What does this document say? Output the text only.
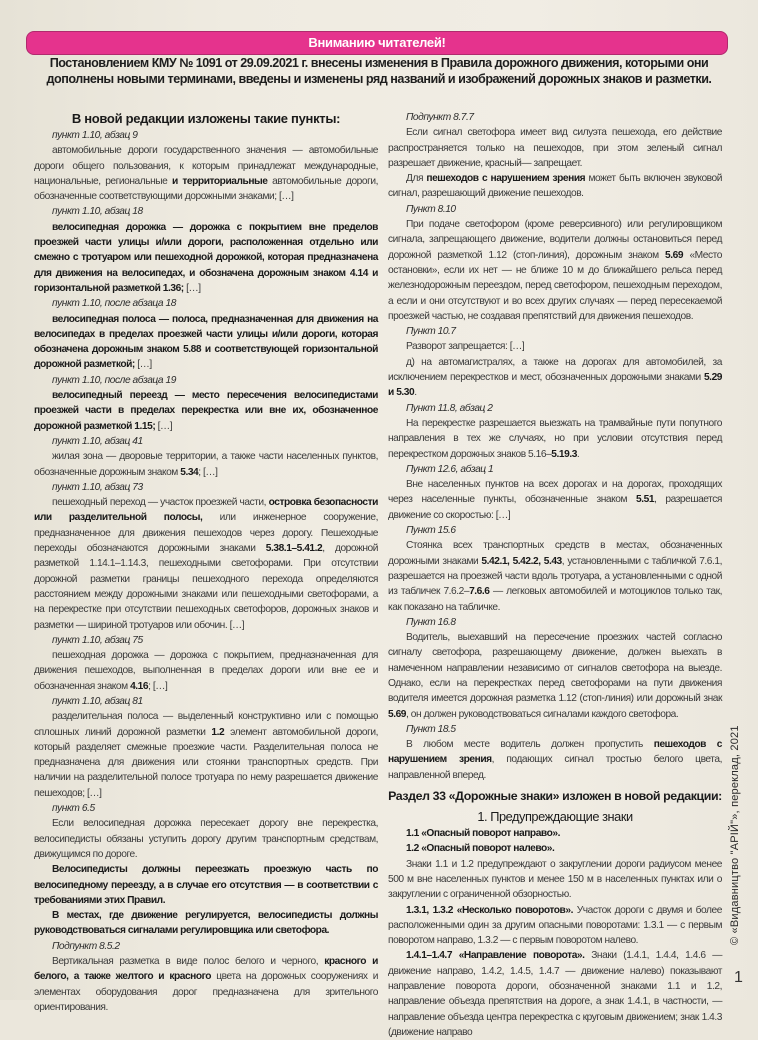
Вниманию читателей!
Постановлением КМУ № 1091 от 29.09.2021 г. внесены изменения в Правила дорожного движения, которыми они дополнены новыми терминами, введены и изменены ряд названий и изображений дорожных знаков и разметки.
В новой редакции изложены такие пункты:
пункт 1.10, абзац 9
автомобильные дороги государственного значения — автомобильные дороги общего пользования, к которым принадлежат международные, национальные, региональные и территориальные автомобильные дороги, обозначенные соответствующими дорожными знаками; […]
пункт 1.10, абзац 18
велосипедная дорожка — дорожка с покрытием вне пределов проезжей части улицы и/или дороги, расположенная отдельно или смежно с тротуаром или пешеходной дорожкой, которая предназначена для движения на велосипедах, и обозначена дорожным знаком 4.14 и горизонтальной разметкой 1.36; […]
пункт 1.10, после абзаца 18
велосипедная полоса — полоса, предназначенная для движения на велосипедах в пределах проезжей части улицы и/или дороги, которая обозначена дорожным знаком 5.88 и соответствующей горизонтальной дорожной разметкой; […]
пункт 1.10, после абзаца 19
велосипедный переезд — место пересечения велосипедистами проезжей части в пределах перекрестка или вне их, обозначенное дорожной разметкой 1.15; […]
пункт 1.10, абзац 41
жилая зона — дворовые территории, а также части населенных пунктов, обозначенные дорожным знаком 5.34; […]
пункт 1.10, абзац 73
пешеходный переход — участок проезжей части, островка безопасности или разделительной полосы, или инженерное сооружение, предназначенное для движения пешеходов через дорогу. Пешеходные переходы обозначаются дорожными знаками 5.38.1–5.41.2, дорожной разметкой 1.14.1–1.14.3, пешеходными светофорами. При отсутствии дорожной разметки границы пешеходного перехода определяются расстоянием между дорожными знаками или пешеходными светофорами, а на перекрестке при отсутствии пешеходных светофоров, дорожных знаков и разметки — шириной тротуаров или обочин. […]
пункт 1.10, абзац 75
пешеходная дорожка — дорожка с покрытием, предназначенная для движения пешеходов, выполненная в пределах дороги или вне ее и обозначенная знаком 4.16; […]
пункт 1.10, абзац 81
разделительная полоса — выделенный конструктивно или с помощью сплошных линий дорожной разметки 1.2 элемент автомобильной дороги, который разделяет смежные проезжие части. Разделительная полоса не предназначена для движения или стоянки транспортных средств. При наличии на разделительной полосе тротуара по нему разрешается движение пешеходов; […]
пункт 6.5
Если велосипедная дорожка пересекает дорогу вне перекрестка, велосипедисты обязаны уступить дорогу другим транспортным средствам, движущимся по дороге.
Велосипедисты должны переезжать проезжую часть по велосипедному переезду, а в случае его отсутствия — в соответствии с требованиями этих Правил.
В местах, где движение регулируется, велосипедисты должны руководствоваться сигналами регулировщика или светофора.
Подпункт 8.5.2
Вертикальная разметка в виде полос белого и черного, красного и белого, а также желтого и красного цвета на дорожных сооружениях и элементах оборудования дорог предназначена для зрительного ориентирования.
Подпункт 8.7.7
Если сигнал светофора имеет вид силуэта пешехода, его действие распространяется только на пешеходов, при этом зеленый сигнал разрешает движение, красный— запрещает.
Для пешеходов с нарушением зрения может быть включен звуковой сигнал, разрешающий движение пешеходов.
Пункт 8.10
При подаче светофором (кроме реверсивного) или регулировщиком сигнала, запрещающего движение, водители должны остановиться перед дорожной разметкой 1.12 (стоп-линия), дорожным знаком 5.69 «Место остановки», если их нет — не ближе 10 м до ближайшего рельса перед железнодорожным переездом, перед светофором, пешеходным переходом, а если и они отсутствуют и во всех других случаях — перед пересекаемой проезжей частью, не создавая препятствий для движения пешеходов.
Пункт 10.7
Разворот запрещается: […]
д) на автомагистралях, а также на дорогах для автомобилей, за исключением перекрестков и мест, обозначенных дорожными знаками 5.29 и 5.30.
Пункт 11.8, абзац 2
На перекрестке разрешается выезжать на трамвайные пути попутного направления в тех же случаях, но при условии отсутствия перед перекрестком дорожных знаков 5.16–5.19.3.
Пункт 12.6, абзац 1
Вне населенных пунктов на всех дорогах и на дорогах, проходящих через населенные пункты, обозначенные знаком 5.51, разрешается движение со скоростью: […]
Пункт 15.6
Стоянка всех транспортных средств в местах, обозначенных дорожными знаками 5.42.1, 5.42.2, 5.43, установленными с табличкой 7.6.1, разрешается на проезжей части вдоль тротуара, а установленными с одной из табличек 7.6.2–7.6.6 — легковых автомобилей и мотоциклов только так, как показано на табличке.
Пункт 16.8
Водитель, выехавший на пересечение проезжих частей согласно сигналу светофора, разрешающему движение, должен выехать в намеченном направлении независимо от сигналов светофора на выезде. Однако, если на перекрестках перед светофорами на пути движения водителя имеется дорожная разметка 1.12 (стоп-линия) или дорожный знак 5.69, он должен руководствоваться сигналами каждого светофора.
Пункт 18.5
В любом месте водитель должен пропустить пешеходов с нарушением зрения, подающих сигнал тростью белого цвета, направленной вперед.
Раздел 33 «Дорожные знаки» изложен в новой редакции:
1. Предупреждающие знаки
1.1 «Опасный поворот направо».
1.2 «Опасный поворот налево».
Знаки 1.1 и 1.2 предупреждают о закруглении дороги радиусом менее 500 м вне населенных пунктов и менее 150 м в населенных пунктах или о закруглении с ограниченной обзорностью.
1.3.1, 1.3.2 «Несколько поворотов». Участок дороги с двумя и более расположенными один за другим опасными поворотами: 1.3.1 — с первым поворотом направо, 1.3.2 — с первым поворотом налево.
1.4.1–1.4.7 «Направление поворота». Знаки (1.4.1, 1.4.4, 1.4.6 — движение направо, 1.4.2, 1.4.5, 1.4.7 — движение налево) показывают направление поворота дороги, обозначенной знаками 1.1 и 1.2, направление объезда препятствия на дороге, а знак 1.4.1, в частности, — направление объезда центра перекрестка с круговым движением; знак 1.4.3 (движение направо
© «Видавництво "АРІЙ"», переклад, 2021
1
